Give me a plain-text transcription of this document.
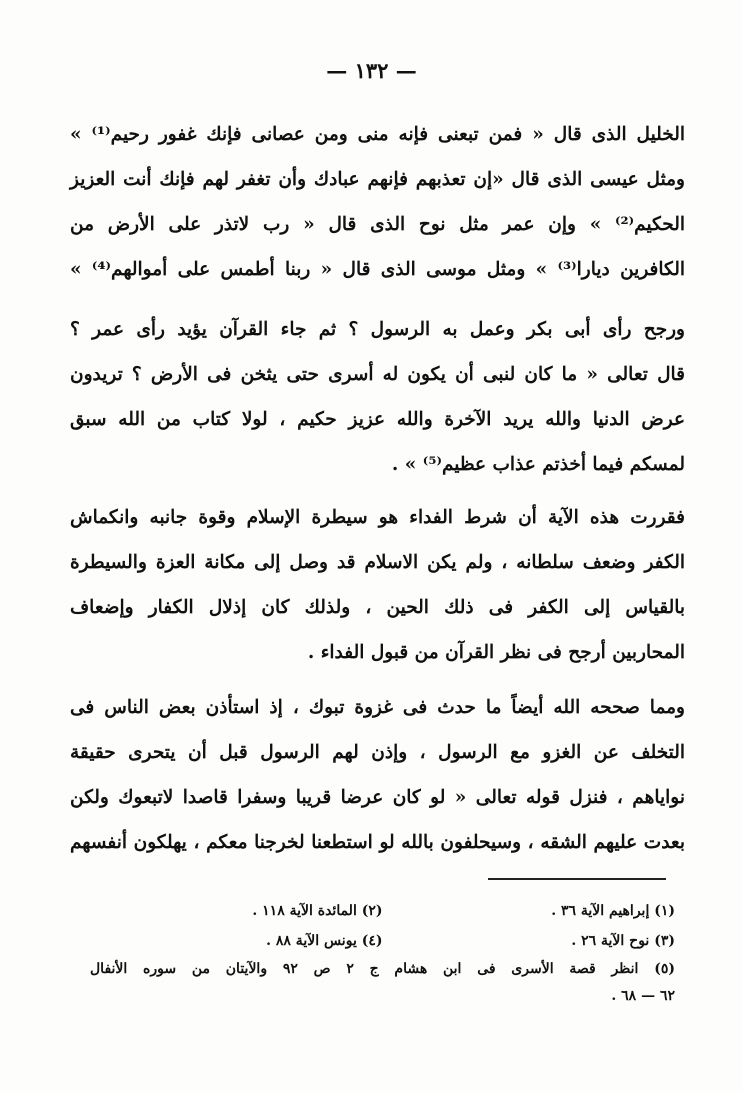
— ١٣٢ —
الخليل الذى قال « فمن تبعنى فإنه منى ومن عصانى فإنك غفور رحيم⁽¹⁾ »
ومثل عيسى الذى قال «إن تعذبهم فإنهم عبادك وأن تغفر لهم فإنك أنت العزيز
الحكيم⁽²⁾ » وإن عمر مثل نوح الذى قال « رب لاتذر على الأرض من
الكافرين ديارا⁽³⁾ » ومثل موسى الذى قال « ربنا أطمس على أموالهم⁽⁴⁾ »
ورجح رأى أبى بكر وعمل به الرسول ؟ ثم جاء القرآن يؤيد رأى عمر ؟
قال تعالى « ما كان لنبى أن يكون له أسرى حتى يثخن فى الأرض ؟ تريدون
عرض الدنيا والله يريد الآخرة والله عزيز حكيم ، لولا كتاب من الله سبق
لمسكم فيما أخذتم عذاب عظيم⁽⁵⁾ » .
فقررت هذه الآية أن شرط الفداء هو سيطرة الإسلام وقوة جانبه وانكماش
الكفر وضعف سلطانه ، ولم يكن الاسلام قد وصل إلى مكانة العزة والسيطرة
بالقياس إلى الكفر فى ذلك الحين ، ولذلك كان إذلال الكفار وإضعاف
المحاربين أرجح فى نظر القرآن من قبول الفداء .
ومما صححه الله أيضاً ما حدث فى غزوة تبوك ، إذ استأذن بعض الناس فى
التخلف عن الغزو مع الرسول ، وإذن لهم الرسول قبل أن يتحرى حقيقة
نواياهم ، فنزل قوله تعالى « لو كان عرضا قريبا وسفرا قاصدا لاتبعوك ولكن
بعدت عليهم الشقه ، وسيحلفون بالله لو استطعنا لخرجنا معكم ، يهلكون أنفسهم
(١) إبراهيم الآية ٣٦ .
(٢) المائدة الآية ١١٨ .
(٣) نوح الآية ٢٦ .
(٤) يونس الآية ٨٨ .
(٥) انظر قصة الأسرى فى ابن هشام ج ٢ ص ٩٢ والآيتان من سوره الأنفال
٦٢ — ٦٨ .
